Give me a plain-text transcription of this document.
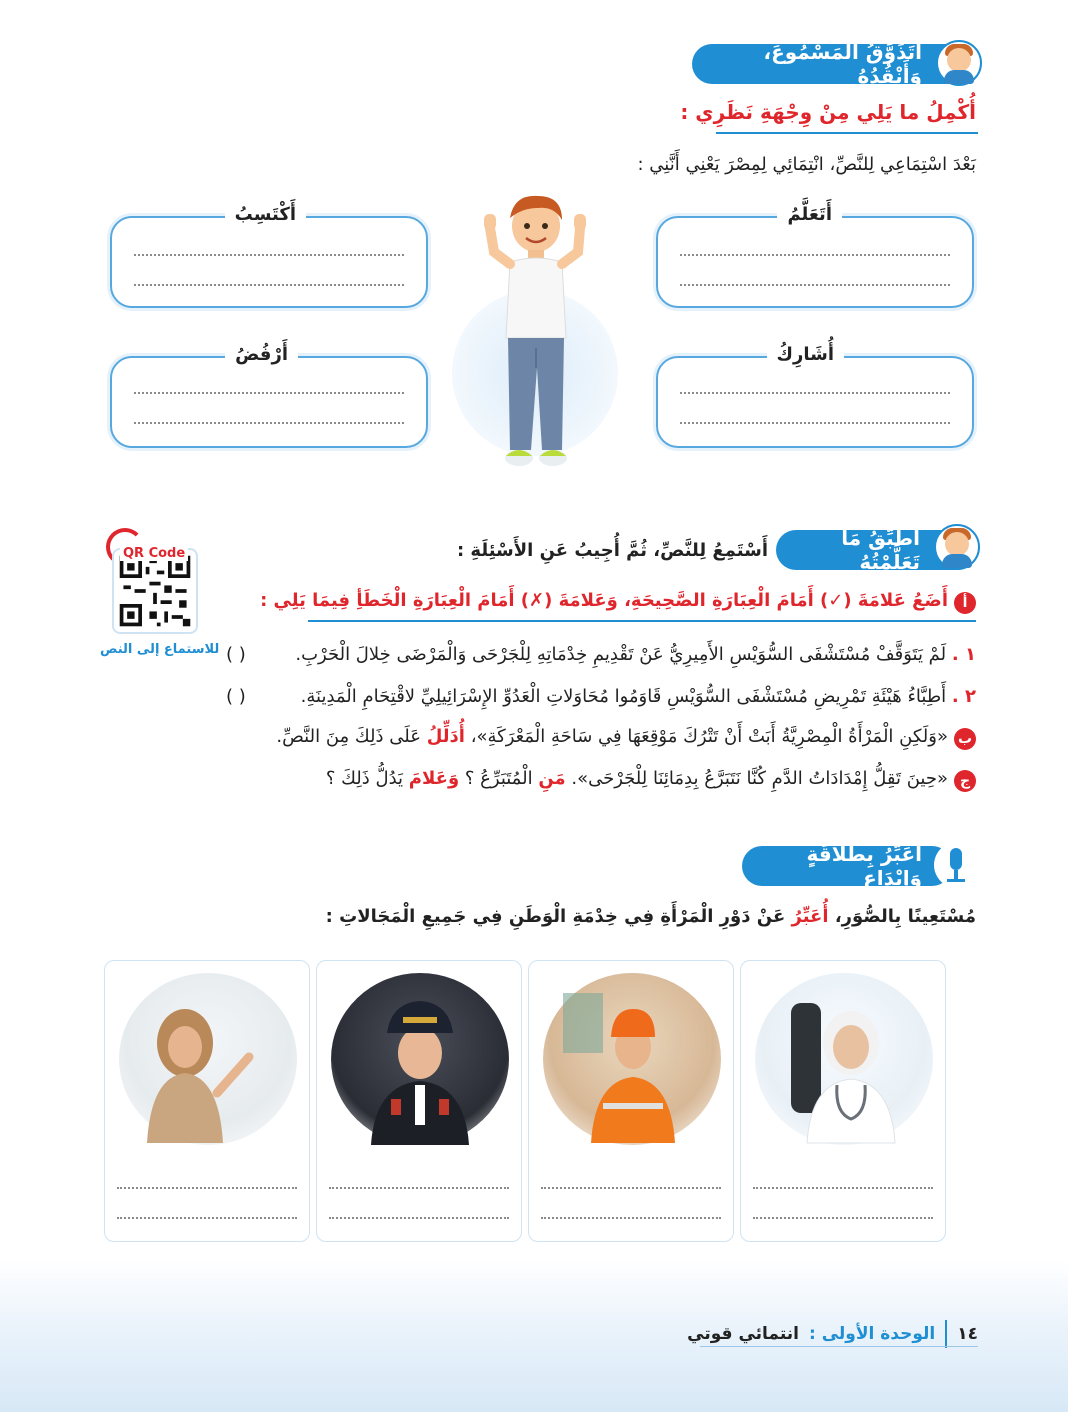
أَتَذَوَّقُ الْمَسْمُوعَ، وَأَنْقُدُهُ
أُكْمِلُ ما يَلِي مِنْ وِجْهَةِ نَظَرِي :
بَعْدَ اسْتِمَاعِي لِلنَّصِّ، انْتِمَائِي لِمِصْرَ يَعْنِي أَنَّنِي :
أَتَعَلَّمُ
أَكْتَسِبُ
أُشَارِكُ
أَرْفُضُ
أُطَبِّقُ مَا تَعَلَّمْتُهُ
أَسْتَمِعُ لِلنَّصِّ، ثُمَّ أُجِيبُ عَنِ الأَسْئِلَةِ :
QR Code
للاستماع إلى النص
أ
أَضَعُ عَلامَةَ (✓) أَمَامَ الْعِبَارَةِ الصَّحِيحَةِ، وَعَلامَةَ (✗) أَمَامَ الْعِبَارَةِ الْخَطَأِ فِيمَا يَلِي :
١ . لَمْ يَتَوَقَّفْ مُسْتَشْفَى السُّوَيْسِ الأَمِيرِيُّ عَنْ تَقْدِيمِ خِدْمَاتِهِ لِلْجَرْحَى وَالْمَرْضَى خِلالَ الْحَرْبِ.
( )
٢ . أَطِبَّاءُ هَيْئَةِ تَمْرِيضِ مُسْتَشْفَى السُّوَيْسِ قَاوَمُوا مُحَاوَلاتِ الْعَدُوِّ الإِسْرَائِيلِيِّ لاقْتِحَامِ الْمَدِينَةِ.
( )
ب
«وَلَكِنِ الْمَرْأَةُ الْمِصْرِيَّةُ أَبَتْ أَنْ تَتْرُكَ مَوْقِعَهَا فِي سَاحَةِ الْمَعْرَكَةِ»، أُدَلِّلُ عَلَى ذَلِكَ مِنَ النَّصِّ.
ج
«حِينَ تَقِلُّ إِمْدَادَاتُ الدَّمِ كُنَّا نَتَبَرَّعُ بِدِمَائِنَا لِلْجَرْحَى». مَنِ الْمُتَبَرِّعُ ؟ وَعَلامَ يَدُلُّ ذَلِكَ ؟
أُعَبِّرُ بِطَلاقَةٍ وَإِبْدَاعٍ
مُسْتَعِينًا بِالصُّوَرِ، أُعَبِّرُ عَنْ دَوْرِ الْمَرْأَةِ فِي خِدْمَةِ الْوَطَنِ فِي جَمِيعِ الْمَجَالاتِ :
١٤
الوحدة الأولى :
انتمائي قوتي
